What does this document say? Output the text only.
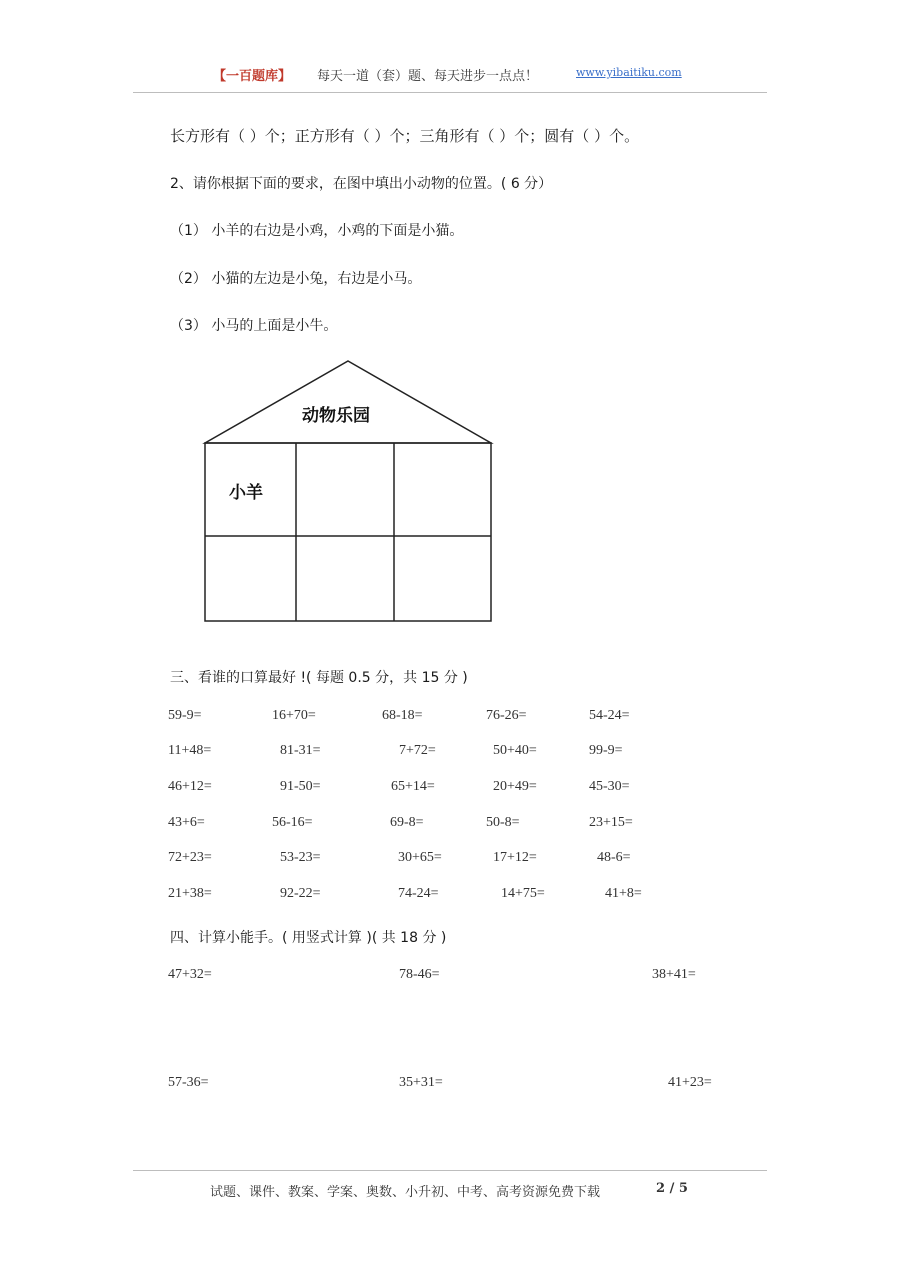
【一百题库】 每天一道（套）题、每天进步一点点！	www.yibaitiku.com
长方形有（ ）个；正方形有（ ）个；三角形有（ ）个；圆有（ ）个。
2、请你根据下面的要求，在图中填出小动物的位置。( 6 分）
（1） 小羊的右边是小鸡，小鸡的下面是小猫。
（2） 小猫的左边是小兔，右边是小马。
（3） 小马的上面是小牛。
动物乐园
小羊
三、看谁的口算最好 !( 每题 0.5 分，共 15 分 )
59-9=	16+70=	68-18=	76-26=	54-24=
11+48=	81-31=	7+72=	50+40=	99-9=
46+12=	91-50=	65+14=	20+49=	45-30=
43+6=	56-16=	69-8=	50-8=	23+15=
72+23=	53-23=	30+65=	17+12=	48-6=
21+38=	92-22=	74-24=	14+75=	41+8=
四、计算小能手。( 用竖式计算 )( 共 18 分 )
47+32=	78-46=	38+41=
57-36=	35+31=	41+23=
试题、课件、教案、学案、奥数、小升初、中考、高考资源免费下载	2 / 5
